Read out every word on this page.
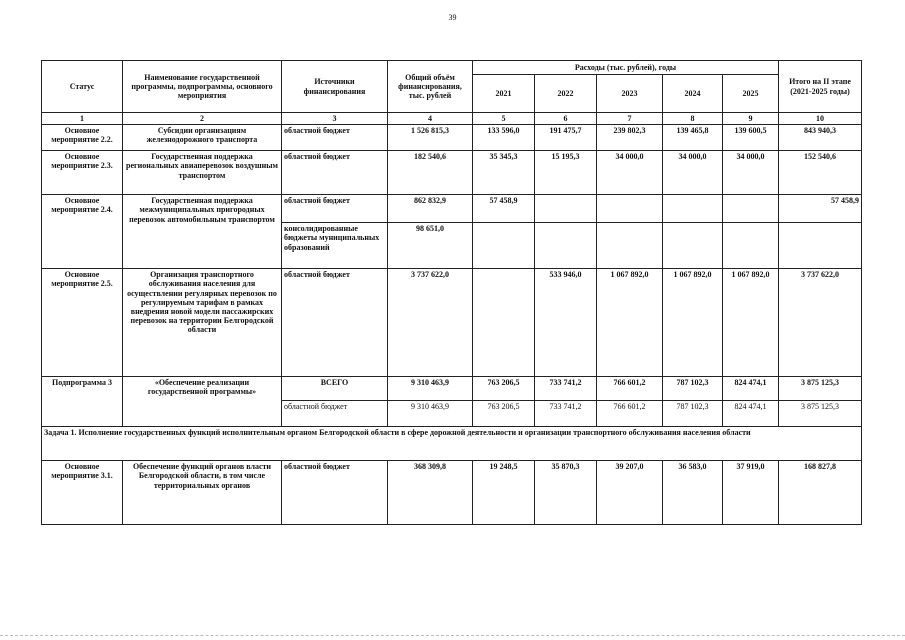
39
Статус	Наименование государственной программы, подпрограммы, основного мероприятия	Источники финансирования	Общий объём финансирования, тыс. рублей	Расходы (тыс. рублей), годы					Итого на II этапе (2021-2025 годы)
				2021	2022	2023	2024	2025	
1	2	3	4	5	6	7	8	9	10
Основное мероприятие 2.2.	Субсидии организациям железнодорожного транспорта	областной бюджет	1 526 815,3	133 596,0	191 475,7	239 802,3	139 465,8	139 600,5	843 940,3
Основное мероприятие 2.3.	Государственная поддержка региональных авиаперевозок воздушным транспортом	областной бюджет	182 540,6	35 345,3	15 195,3	34 000,0	34 000,0	34 000,0	152 540,6
Основное мероприятие 2.4.	Государственная поддержка межмуниципальных пригородных перевозок автомобильным транспортом	областной бюджет	862 832,9	57 458,9					57 458,9
		консолидированные бюджеты муниципальных образований	98 651,0						
Основное мероприятие 2.5.	Организация транспортного обслуживания населения для осуществлении регулярных перевозок по регулируемым тарифам в рамках внедрения новой модели пассажирских перевозок на территории Белгородской области	областной бюджет	3 737 622,0		533 946,0	1 067 892,0	1 067 892,0	1 067 892,0	3 737 622,0
Подпрограмма 3	«Обеспечение реализации государственной программы»	ВСЕГО	9 310 463,9	763 206,5	733 741,2	766 601,2	787 102,3	824 474,1	3 875 125,3
		областной бюджет	9 310 463,9	763 206,5	733 741,2	766 601,2	787 102,3	824 474,1	3 875 125,3
Задача 1. Исполнение государственных функций исполнительным органом Белгородской области в сфере дорожной деятельности и организации транспортного обслуживания населения области									
Основное мероприятие 3.1.	Обеспечение функций органов власти Белгородской области, в том числе территориальных органов	областной бюджет	368 309,8	19 248,5	35 870,3	39 207,0	36 583,0	37 919,0	168 827,8
